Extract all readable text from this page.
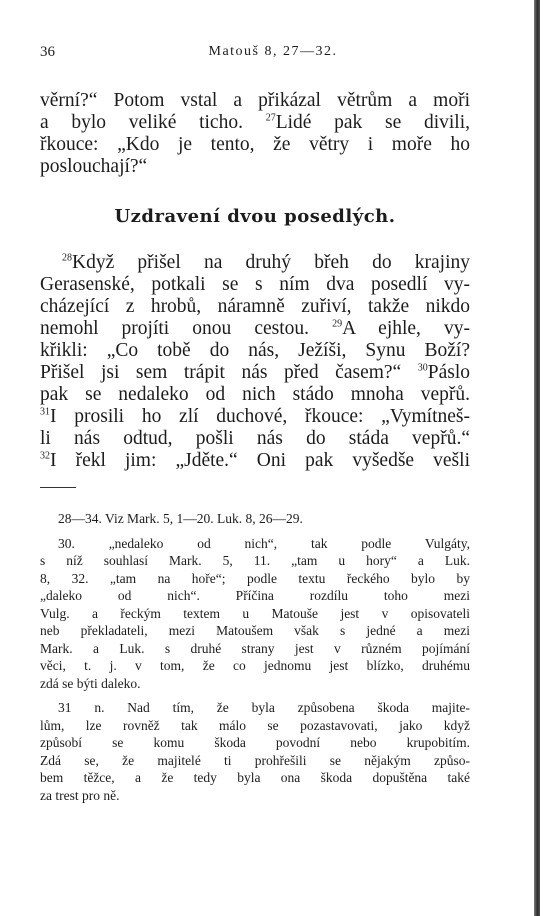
36	Matouš 8, 27—32.
věrní?“ Potom vstal a přikázal větrům a moři
a bylo veliké ticho. $^{27}$Lidé pak se divili,
řkouce: „Kdo je tento, že větry i moře ho
poslouchají?“
Uzdravení dvou posedlých.
$^{28}$Když přišel na druhý břeh do krajiny
Gerasenské, potkali se s ním dva posedlí vy-
cházející z hrobů, náramně zuřiví, takže nikdo
nemohl projíti onou cestou. $^{29}$A ejhle, vy-
křikli: „Co tobě do nás, Ježíši, Synu Boží?
Přišel jsi sem trápit nás před časem?“ $^{30}$Páslo
pak se nedaleko od nich stádo mnoha vepřů.
$^{31}$I prosili ho zlí duchové, řkouce: „Vymítneš-
li nás odtud, pošli nás do stáda vepřů.“
$^{32}$I řekl jim: „Jděte.“ Oni pak vyšedše vešli
28—34. Viz Mark. 5, 1—20. Luk. 8, 26—29.
30. „nedaleko od nich“, tak podle Vulgáty,
s níž souhlasí Mark. 5, 11. „tam u hory“ a Luk.
8, 32. „tam na hoře“; podle textu řeckého bylo by
„daleko od nich“. Příčina rozdílu toho mezi
Vulg. a řeckým textem u Matouše jest v opisovateli
neb překladateli, mezi Matoušem však s jedné a mezi
Mark. a Luk. s druhé strany jest v různém pojímání
věci, t. j. v tom, že co jednomu jest blízko, druhému
zdá se býti daleko.
31 n. Nad tím, že byla způsobena škoda majite-
lům, lze rovněž tak málo se pozastavovati, jako když
způsobí se komu škoda povodní nebo krupobitím.
Zdá se, že majitelé ti prohřešili se nějakým způso-
bem těžce, a že tedy byla ona škoda dopuštěna také
za trest pro ně.
